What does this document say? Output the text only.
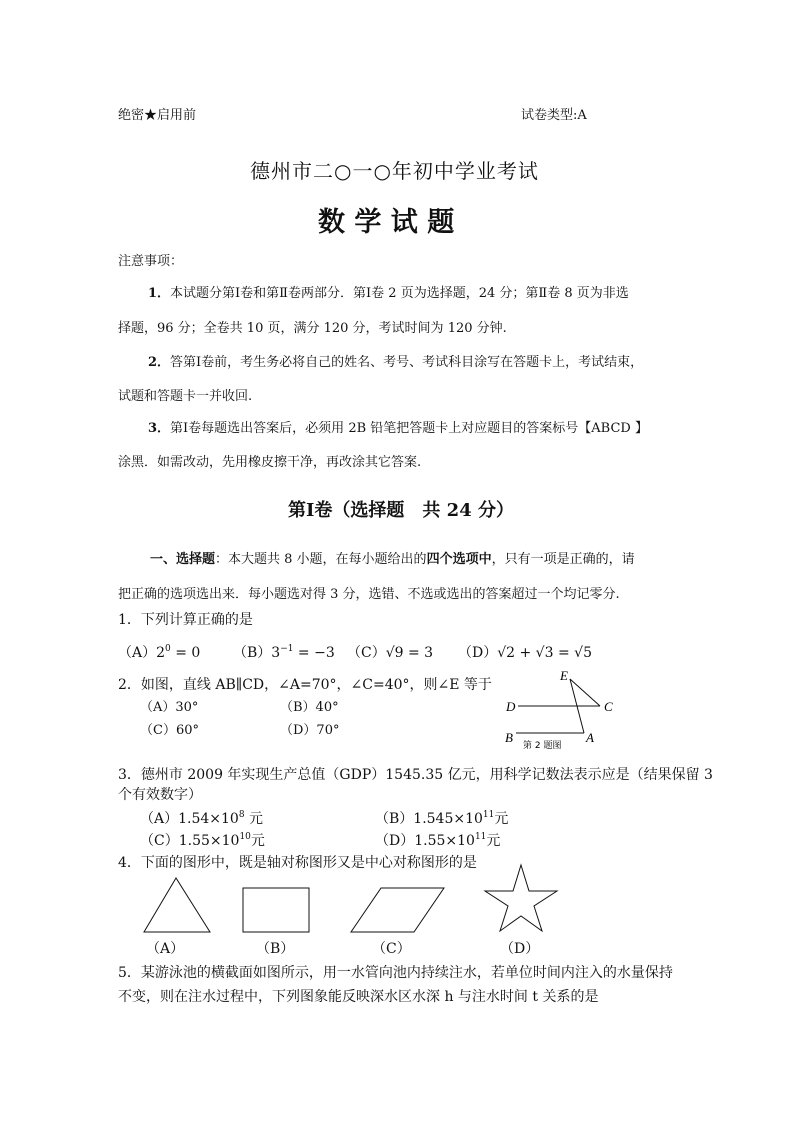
绝密★启用前	试卷类型:A
德州市二○一○年初中学业考试
数 学 试 题
注意事项：
1．本试题分第Ⅰ卷和第Ⅱ卷两部分．第Ⅰ卷 2 页为选择题，24 分；第Ⅱ卷 8 页为非选
择题，96 分；全卷共 10 页，满分 120 分，考试时间为 120 分钟.
2．答第Ⅰ卷前，考生务必将自己的姓名、考号、考试科目涂写在答题卡上，考试结束，
试题和答题卡一并收回.
3．第Ⅰ卷每题选出答案后，必须用 2B 铅笔把答题卡上对应题目的答案标号【ABCD 】
涂黑．如需改动，先用橡皮擦干净，再改涂其它答案.
第Ⅰ卷（选择题　共 24 分）
一、选择题：本大题共 8 小题，在每小题给出的四个选项中，只有一项是正确的，请
把正确的选项选出来．每小题选对得 3 分，选错、不选或选出的答案超过一个均记零分.
1．下列计算正确的是
$(A)2^0 = 0$ $(B)3^{-1} = -3$ （C）√9 = 3 （D）√2 + √3 = √5
2．如图，直线 AB∥CD，∠A=70°，∠C=40°，则∠E 等于
（A）30°	（B）40°
（C）60°	（D）70°
E
D	C
B	A
第 2 题图
3．德州市 2009 年实现生产总值（GDP）1545.35 亿元，用科学记数法表示应是（结果保留 3
个有效数字）
$(A)1.54\times 10^8$ 元	$(B)1.545\times 10^{11}$元
$(C)1.55\times 10^{10}$元	$(D)1.55\times 10^{11}$元
4．下面的图形中，既是轴对称图形又是中心对称图形的是
（A）	（B）	（C）	（D）
5．某游泳池的横截面如图所示，用一水管向池内持续注水，若单位时间内注入的水量保持
不变，则在注水过程中，下列图象能反映深水区水深 h 与注水时间 t 关系的是
